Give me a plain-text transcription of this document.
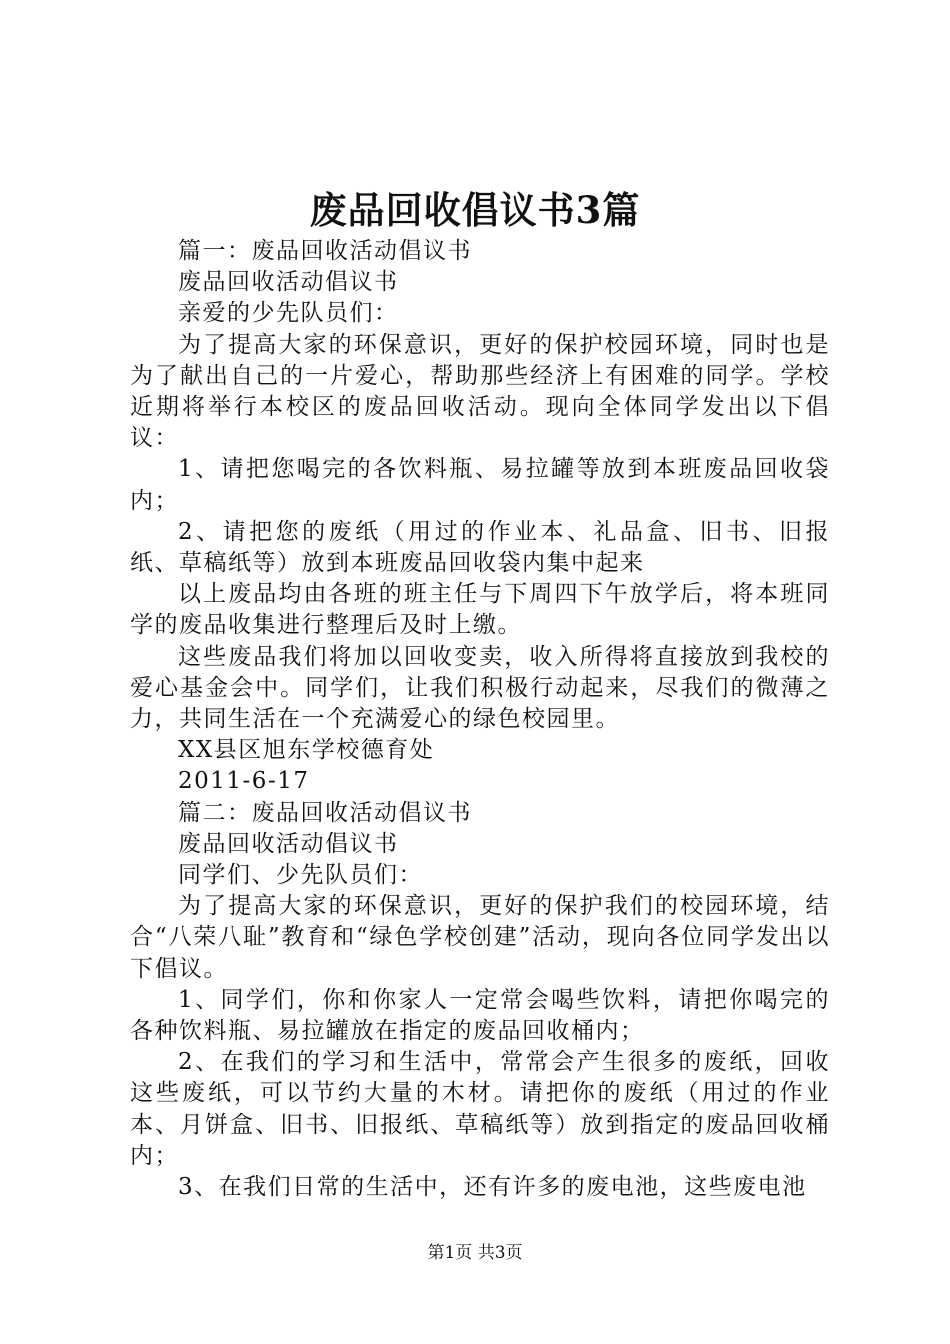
废品回收倡议书3篇

篇一：废品回收活动倡议书

废品回收活动倡议书

亲爱的少先队员们：

为了提高大家的环保意识，更好的保护校园环境，同时也是为了献出自己的一片爱心，帮助那些经济上有困难的同学。学校近期将举行本校区的废品回收活动。现向全体同学发出以下倡议：

1、请把您喝完的各饮料瓶、易拉罐等放到本班废品回收袋内；

2、请把您的废纸（用过的作业本、礼品盒、旧书、旧报纸、草稿纸等）放到本班废品回收袋内集中起来

以上废品均由各班的班主任与下周四下午放学后，将本班同学的废品收集进行整理后及时上缴。

这些废品我们将加以回收变卖，收入所得将直接放到我校的爱心基金会中。同学们，让我们积极行动起来，尽我们的微薄之力，共同生活在一个充满爱心的绿色校园里。

XX县区旭东学校德育处

2011-6-17

篇二：废品回收活动倡议书

废品回收活动倡议书

同学们、少先队员们：

为了提高大家的环保意识，更好的保护我们的校园环境，结合“八荣八耻”教育和“绿色学校创建”活动，现向各位同学发出以下倡议。

1、同学们，你和你家人一定常会喝些饮料，请把你喝完的各种饮料瓶、易拉罐放在指定的废品回收桶内；

2、在我们的学习和生活中，常常会产生很多的废纸，回收这些废纸，可以节约大量的木材。请把你的废纸（用过的作业本、月饼盒、旧书、旧报纸、草稿纸等）放到指定的废品回收桶内；

3、在我们日常的生活中，还有许多的废电池，这些废电池

第1页 共3页
